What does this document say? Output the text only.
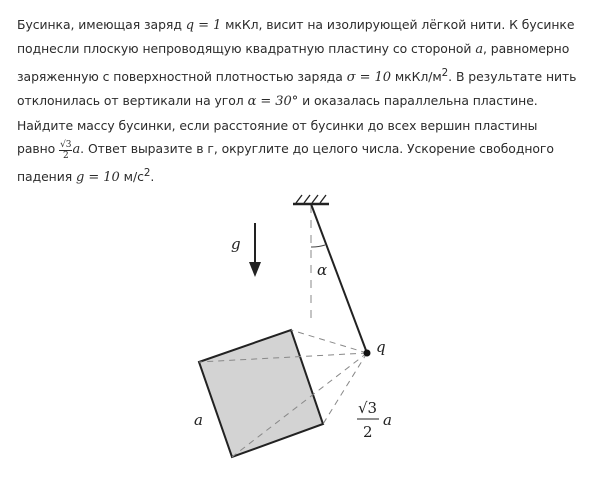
Бусинка, имеющая заряд q = 1 мкКл, висит на изолирующей лёгкой нити. К бусинке поднесли плоскую непроводящую квадратную пластину со стороной a, равномерно заряженную с поверхностной плотностью заряда σ = 10 мкКл/$м^2$. В результате нить отклонилась от вертикали на угол α = 30° и оказалась параллельна пластине. Найдите массу бусинки, если расстояние от бусинки до всех вершин пластины равно $\frac{√3}{2} a$. Ответ выразите в г, округлите до целого числа. Ускорение свободного падения g = 10 $м/с^2$.
g
α
q
a
√3
2
a
